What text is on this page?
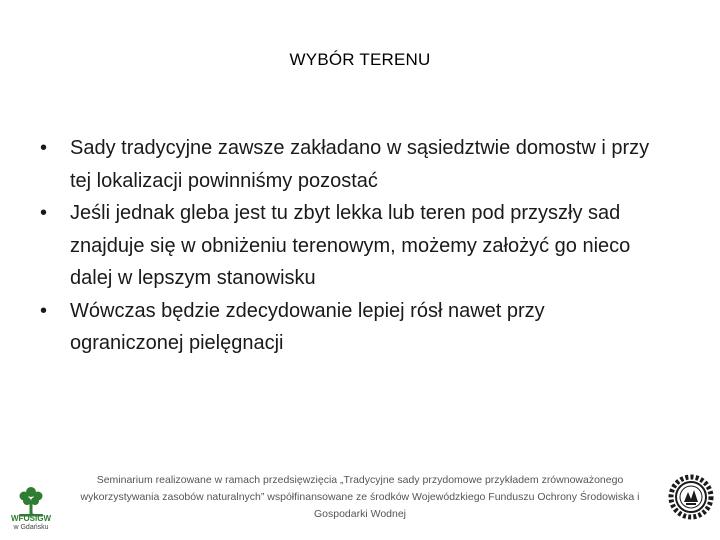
WYBÓR TERENU
•	Sady tradycyjne zawsze zakładano w sąsiedztwie domostw i przy tej lokalizacji powinniśmy pozostać
•	Jeśli jednak gleba jest tu zbyt lekka lub teren pod przyszły sad znajduje się w obniżeniu terenowym, możemy założyć go nieco dalej w lepszym stanowisku
•	Wówczas będzie zdecydowanie lepiej rósł nawet przy ograniczonej pielęgnacji
Seminarium realizowane w ramach przedsięwzięcia „Tradycyjne sady przydomowe przykładem zrównoważonego
wykorzystywania zasobów naturalnych” współfinansowane ze środków Wojewódzkiego Funduszu Ochrony Środowiska i
Gospodarki Wodnej
WFOŚiGW
w Gdańsku
